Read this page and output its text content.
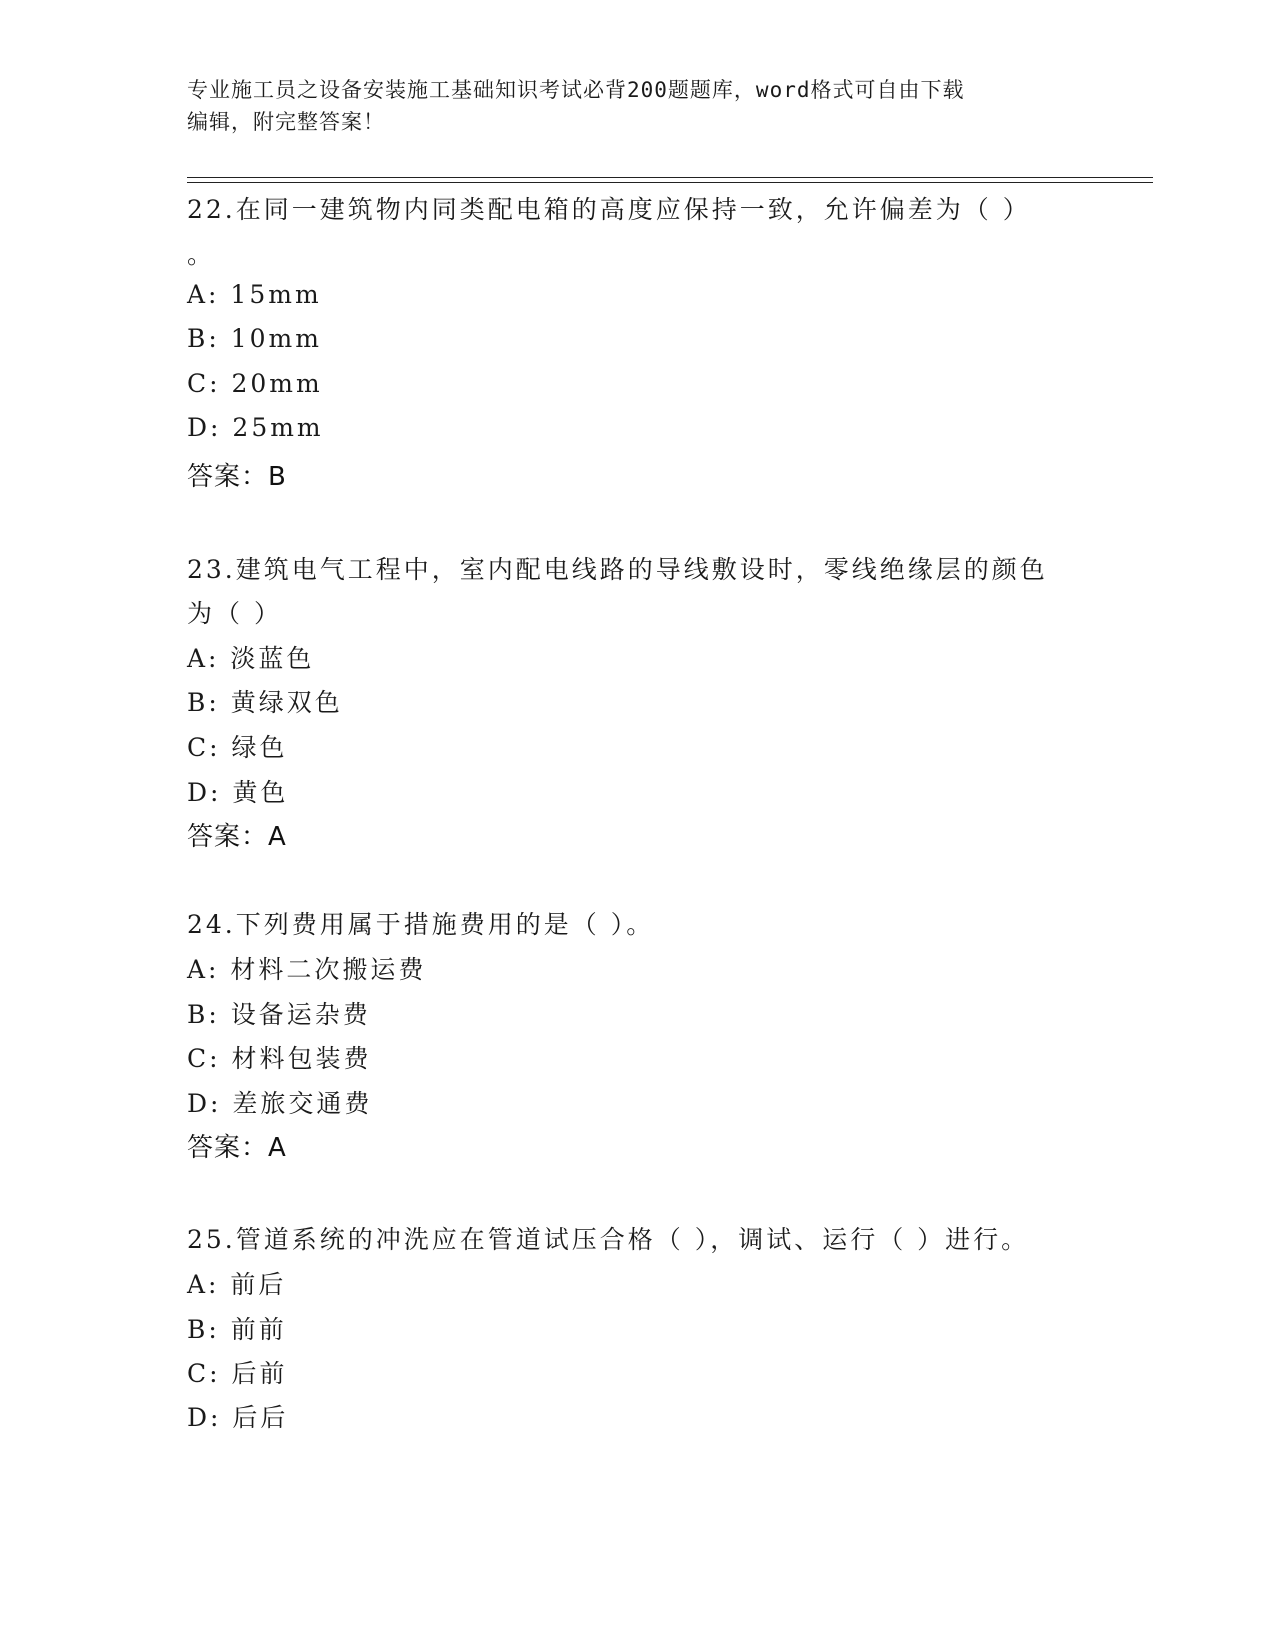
专业施工员之设备安装施工基础知识考试必背200题题库，word格式可自由下载
编辑，附完整答案！
22.在同一建筑物内同类配电箱的高度应保持一致，允许偏差为（ ）
。
A: 15mm
B: 10mm
C: 20mm
D: 25mm
答案：B
23.建筑电气工程中，室内配电线路的导线敷设时，零线绝缘层的颜色
为（ ）
A: 淡蓝色
B: 黄绿双色
C: 绿色
D: 黄色
答案：A
24.下列费用属于措施费用的是（ ）。
A: 材料二次搬运费
B: 设备运杂费
C: 材料包装费
D: 差旅交通费
答案：A
25.管道系统的冲洗应在管道试压合格（ ），调试、运行（ ）进行。
A: 前后
B: 前前
C: 后前
D: 后后
